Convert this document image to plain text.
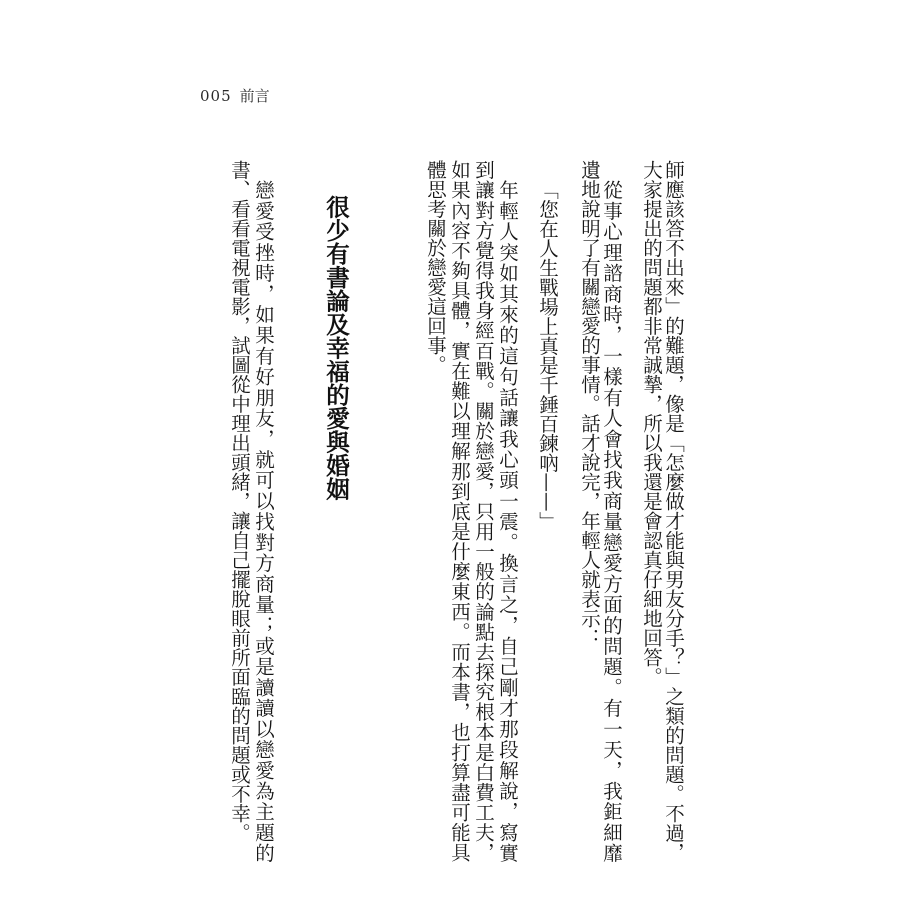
005 前言
師應該答不出來」的難題，像是「怎麼做才能與男友分手？」之類的問題。不過，
大家提出的問題都非常誠摯，所以我還是會認真仔細地回答。
從事心理諮商時，一樣有人會找我商量戀愛方面的問題。有一天，我鉅細靡
遺地說明了有關戀愛的事情。話才說完，年輕人就表示：
「您在人生戰場上真是千錘百鍊吶——」
年輕人突如其來的這句話讓我心頭一震。換言之，自己剛才那段解說，寫實
到讓對方覺得我身經百戰。關於戀愛，只用一般的論點去探究根本是白費工夫，
如果內容不夠具體，實在難以理解那到底是什麼東西。而本書，也打算盡可能具
體思考關於戀愛這回事。
很少有書論及幸福的愛與婚姻
戀愛受挫時，如果有好朋友，就可以找對方商量；或是讀讀以戀愛為主題的
書、看看電視電影，試圖從中理出頭緒，讓自己擺脫眼前所面臨的問題或不幸。
